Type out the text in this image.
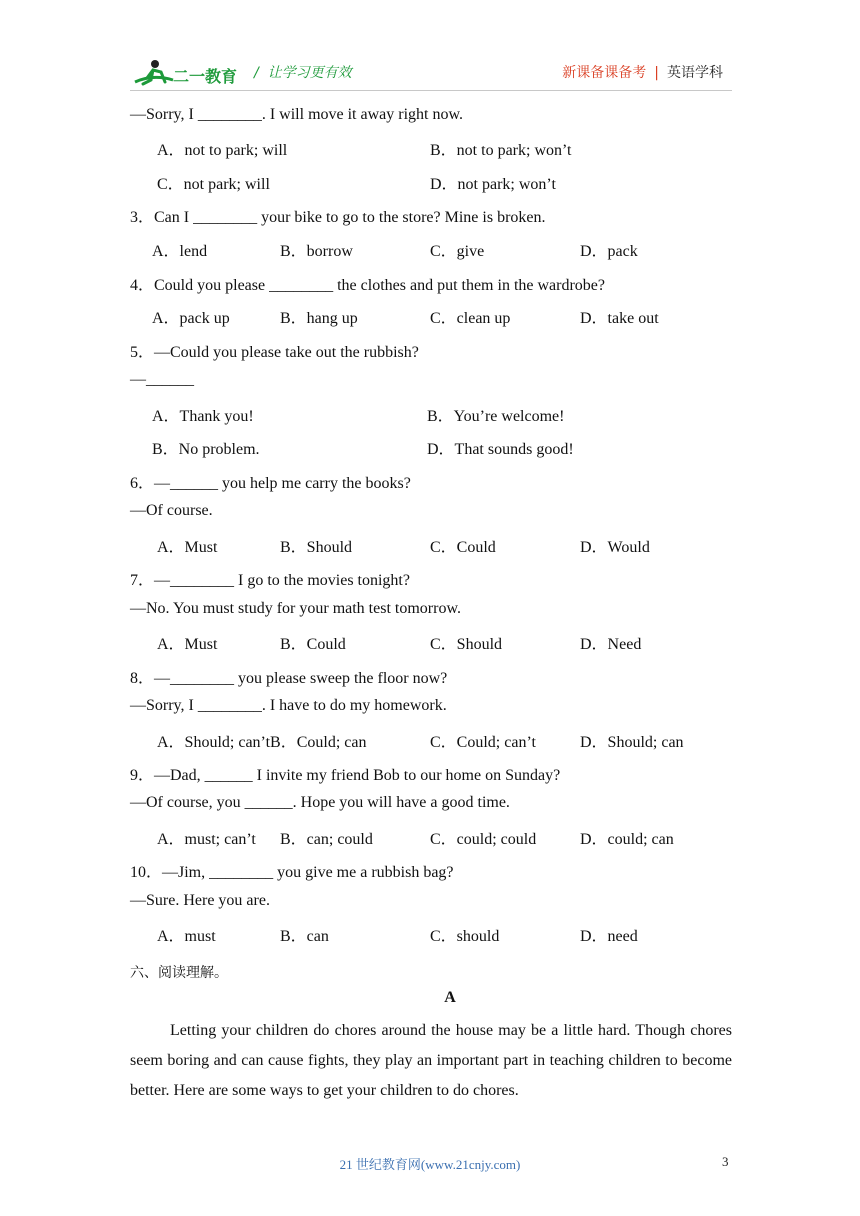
二一教育 /  让学习更有效	新课备课备考 | 英语学科
—Sorry, I ________. I will move it away right now.
A．not to park; will	B．not to park; won’t
C．not park; will	D．not park; won’t
3．Can I ________ your bike to go to the store? Mine is broken.
A．lend	B．borrow	C．give	D．pack
4．Could you please ________ the clothes and put them in the wardrobe?
A．pack up	B．hang up	C．clean up	D．take out
5．—Could you please take out the rubbish?
—______
A．Thank you!	B．You’re welcome!
B．No problem.	D．That sounds good!
6．—______ you help me carry the books?
—Of course.
A．Must	B．Should	C．Could	D．Would
7．—________ I go to the movies tonight?
—No. You must study for your math test tomorrow.
A．Must	B．Could	C．Should	D．Need
8．—________ you please sweep the floor now?
—Sorry, I ________. I have to do my homework.
A．Should; can’tB．Could; can	C．Could; can’t	D．Should; can
9．—Dad, ______ I invite my friend Bob to our home on Sunday?
—Of course, you ______. Hope you will have a good time.
A．must; can’t B．can; could	C．could; could	D．could; can
10．—Jim, ________ you give me a rubbish bag?
—Sure. Here you are.
A．must	B．can	C．should	D．need
六、阅读理解。
A
Letting your children do chores around the house may be a little hard. Though chores seem boring and can cause fights, they play an important part in teaching children to become better. Here are some ways to get your children to do chores.
21 世纪教育网(www.21cnjy.com)	3
